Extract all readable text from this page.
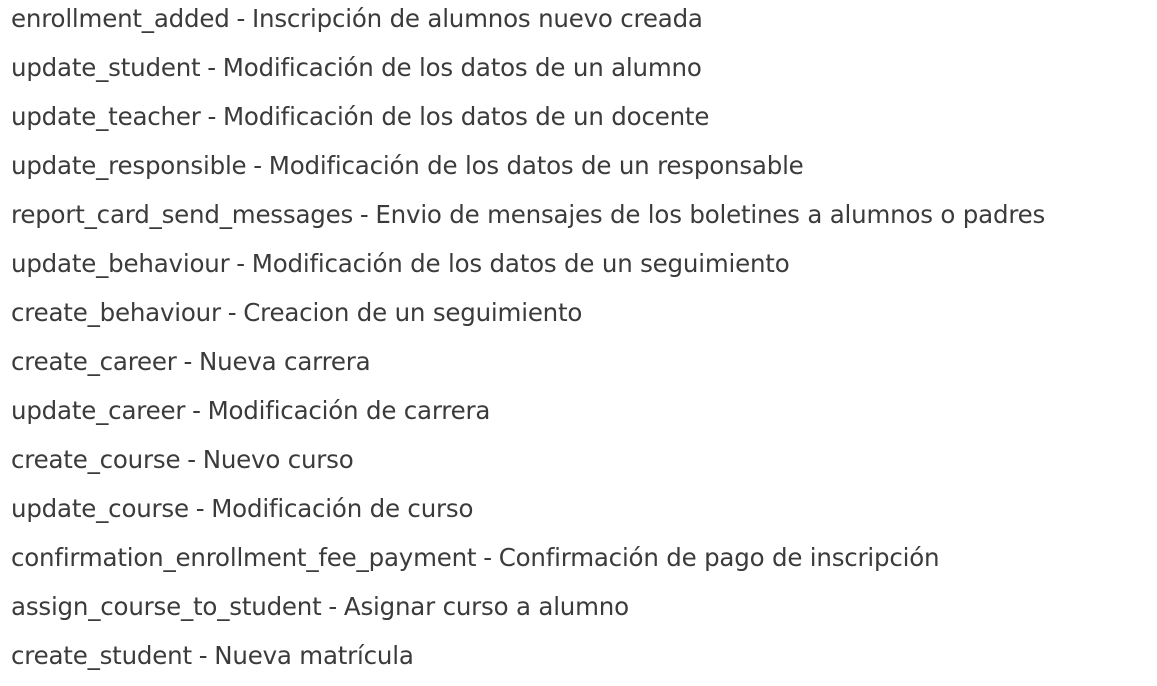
enrollment_added - Inscripción de alumnos nuevo creada
update_student - Modificación de los datos de un alumno
update_teacher - Modificación de los datos de un docente
update_responsible - Modificación de los datos de un responsable
report_card_send_messages - Envio de mensajes de los boletines a alumnos o padres
update_behaviour - Modificación de los datos de un seguimiento
create_behaviour - Creacion de un seguimiento
create_career - Nueva carrera
update_career - Modificación de carrera
create_course - Nuevo curso
update_course - Modificación de curso
confirmation_enrollment_fee_payment - Confirmación de pago de inscripción
assign_course_to_student - Asignar curso a alumno
create_student - Nueva matrícula
